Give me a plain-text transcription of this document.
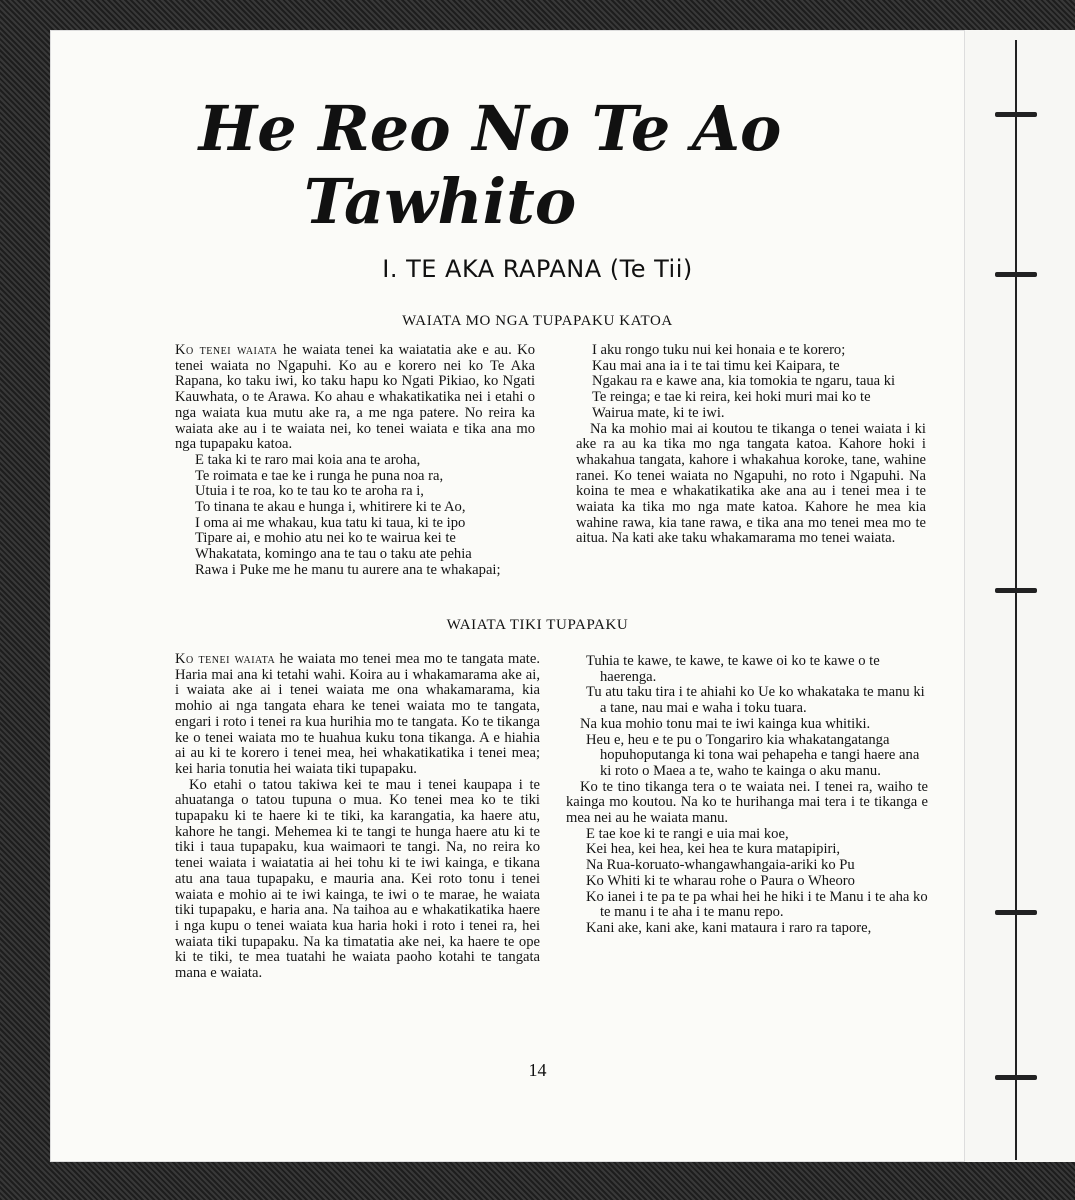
He Reo No Te Ao
Tawhito
I. TE AKA RAPANA (Te Tii)
WAIATA MO NGA TUPAPAKU KATOA

Ko tenei waiata he waiata tenei ka waiatatia ake e au. Ko tenei waiata no Ngapuhi. Ko au e korero nei ko Te Aka Rapana, ko taku iwi, ko taku hapu ko Ngati Pikiao, ko Ngati Kauwhata, o te Arawa. Ko ahau e whakatikatika nei i etahi o nga waiata kua mutu ake ra, a me nga patere. No reira ka waiata ake au i te waiata nei, ko tenei waiata e tika ana mo nga tupapaku katoa.

E taka ki te raro mai koia ana te aroha,

Te roimata e tae ke i runga he puna noa ra,

Utuia i te roa, ko te tau ko te aroha ra i,

To tinana te akau e hunga i, whitirere ki te Ao,

I oma ai me whakau, kua tatu ki taua, ki te ipo

Tipare ai, e mohio atu nei ko te wairua kei te

Whakatata, komingo ana te tau o taku ate pehia

Rawa i Puke me he manu tu aurere ana te whakapai;

I aku rongo tuku nui kei honaia e te korero;

Kau mai ana ia i te tai timu kei Kaipara, te

Ngakau ra e kawe ana, kia tomokia te ngaru, taua ki

Te reinga; e tae ki reira, kei hoki muri mai ko te

Wairua mate, ki te iwi.

Na ka mohio mai ai koutou te tikanga o tenei waiata i ki ake ra au ka tika mo nga tangata katoa. Kahore hoki i whakahua tangata, kahore i whakahua koroke, tane, wahine ranei. Ko tenei waiata no Ngapuhi, no roto i Ngapuhi. Na koina te mea e whakatikatika ake ana au i tenei mea i te waiata ka tika mo nga mate katoa. Kahore he mea kia wahine rawa, kia tane rawa, e tika ana mo tenei mea mo te aitua. Na kati ake taku whakamarama mo tenei waiata.

WAIATA TIKI TUPAPAKU

Ko tenei waiata he waiata mo tenei mea mo te tangata mate. Haria mai ana ki tetahi wahi. Koira au i whakamarama ake ai, i waiata ake ai i tenei waiata me ona whakamarama, kia mohio ai nga tangata ehara ke tenei waiata mo te tangata, engari i roto i tenei ra kua hurihia mo te tangata. Ko te tikanga ke o tenei waiata mo te huahua kuku tona tikanga. A e hiahia ai au ki te korero i tenei mea, hei whakatikatika i tenei mea; kei haria tonutia hei waiata tiki tupapaku.

Ko etahi o tatou takiwa kei te mau i tenei kaupapa i te ahuatanga o tatou tupuna o mua. Ko tenei mea ko te tiki tupapaku ki te haere ki te tiki, ka karangatia, ka haere atu, kahore he tangi. Mehemea ki te tangi te hunga haere atu ki te tiki i taua tupapaku, kua waimaori te tangi. Na, no reira ko tenei waiata i waiatatia ai hei tohu ki te iwi kainga, e tikana atu ana taua tupapaku, e mauria ana. Kei roto tonu i tenei waiata e mohio ai te iwi kainga, te iwi o te marae, he waiata tiki tupapaku, e haria ana. Na taihoa au e whakatikatika haere i nga kupu o tenei waiata kua haria hoki i roto i tenei ra, hei waiata tiki tupapaku. Na ka timatatia ake nei, ka haere te ope ki te tiki, te mea tuatahi he waiata paoho kotahi te tangata mana e waiata.

Tuhia te kawe, te kawe, te kawe oi ko te kawe o te haerenga.

Tu atu taku tira i te ahiahi ko Ue ko whakataka te manu ki a tane, nau mai e waha i toku tuara.

Na kua mohio tonu mai te iwi kainga kua whitiki.

Heu e, heu e te pu o Tongariro kia whakatangatanga hopuhoputanga ki tona wai pehapeha e tangi haere ana ki roto o Maea a te, waho te kainga o aku manu.

Ko te tino tikanga tera o te waiata nei. I tenei ra, waiho te kainga mo koutou. Na ko te hurihanga mai tera i te tikanga e mea nei au he waiata manu.

E tae koe ki te rangi e uia mai koe,

Kei hea, kei hea, kei hea te kura matapipiri,

Na Rua-koruato-whangawhangaia-ariki ko Pu

Ko Whiti ki te wharau rohe o Paura o Wheoro

Ko ianei i te pa te pa whai hei he hiki i te Manu i te aha ko te manu i te aha i te manu repo.

Kani ake, kani ake, kani mataura i raro ra tapore,

14
